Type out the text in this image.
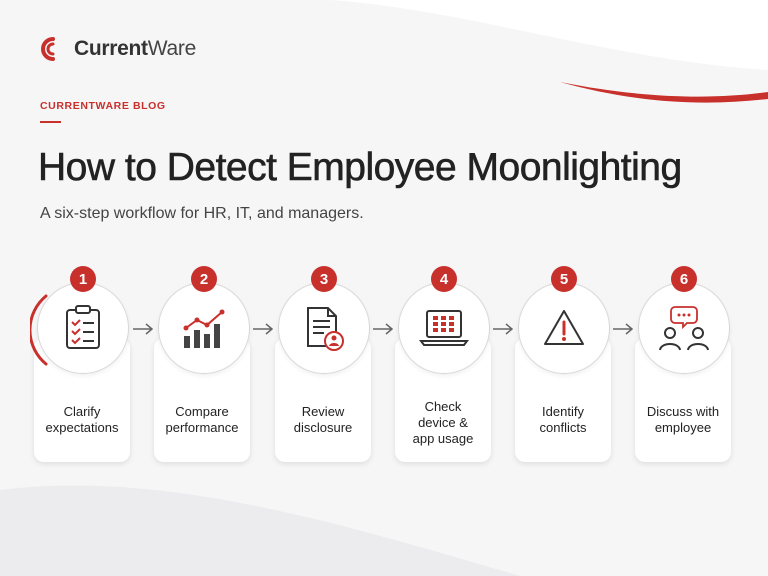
CurrentWare
CURRENTWARE BLOG
How to Detect Employee Moonlighting
A six-step workflow for HR, IT, and managers.
Clarify
expectations
1
Compare
performance
2
Review
disclosure
3
Check
device &
app usage
4
Identify
conflicts
5
Discuss with
employee
6
